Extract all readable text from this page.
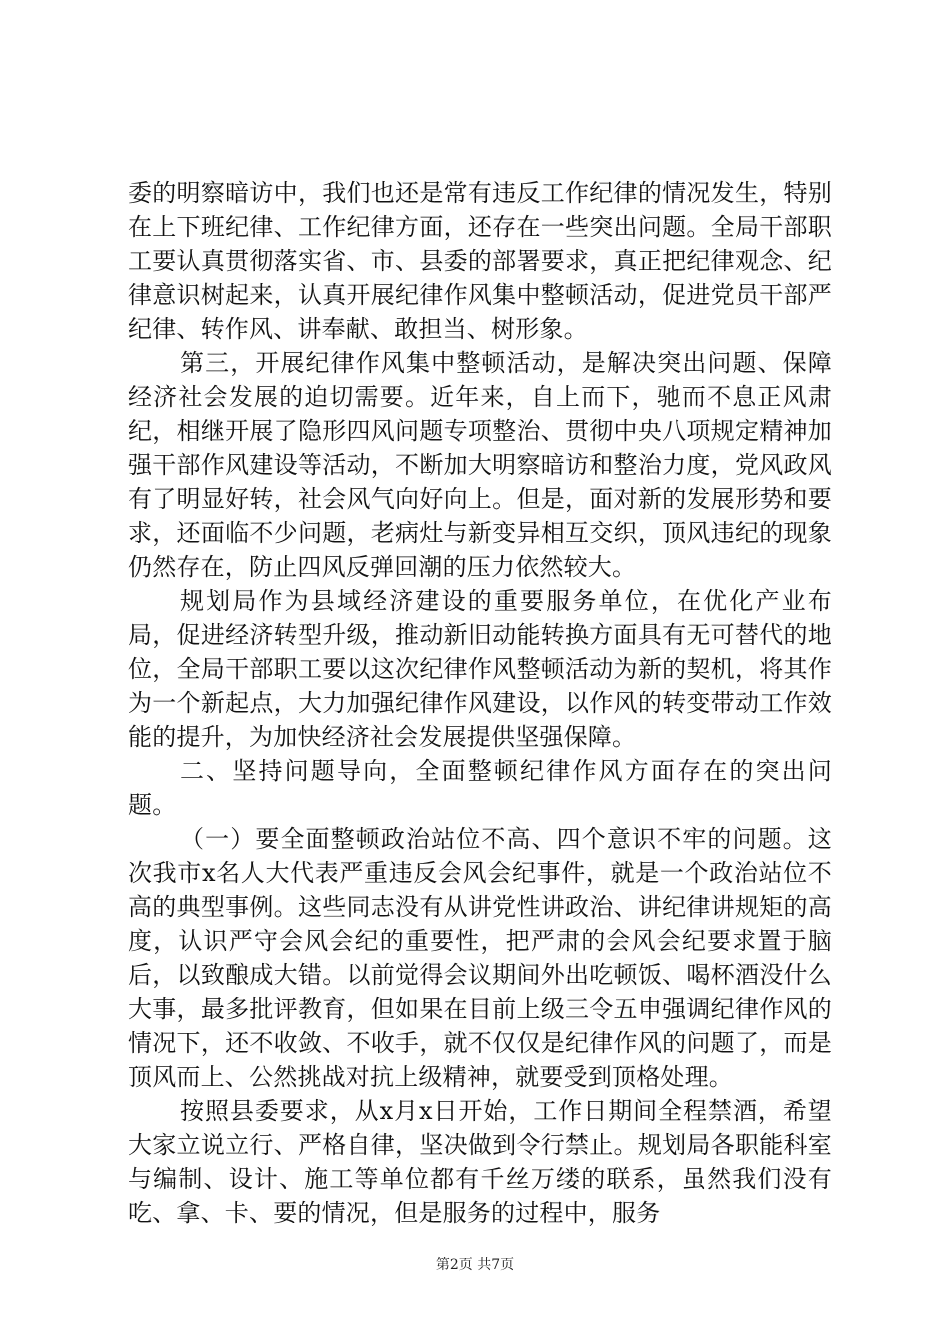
委的明察暗访中，我们也还是常有违反工作纪律的情况发生，特别在上下班纪律、工作纪律方面，还存在一些突出问题。全局干部职工要认真贯彻落实省、市、县委的部署要求，真正把纪律观念、纪律意识树起来，认真开展纪律作风集中整顿活动，促进党员干部严纪律、转作风、讲奉献、敢担当、树形象。

第三，开展纪律作风集中整顿活动，是解决突出问题、保障经济社会发展的迫切需要。近年来，自上而下，驰而不息正风肃纪，相继开展了隐形四风问题专项整治、贯彻中央八项规定精神加强干部作风建设等活动，不断加大明察暗访和整治力度，党风政风有了明显好转，社会风气向好向上。但是，面对新的发展形势和要求，还面临不少问题，老病灶与新变异相互交织，顶风违纪的现象仍然存在，防止四风反弹回潮的压力依然较大。

规划局作为县域经济建设的重要服务单位，在优化产业布局，促进经济转型升级，推动新旧动能转换方面具有无可替代的地位，全局干部职工要以这次纪律作风整顿活动为新的契机，将其作为一个新起点，大力加强纪律作风建设，以作风的转变带动工作效能的提升，为加快经济社会发展提供坚强保障。

二、坚持问题导向，全面整顿纪律作风方面存在的突出问题。

（一）要全面整顿政治站位不高、四个意识不牢的问题。这次我市x名人大代表严重违反会风会纪事件，就是一个政治站位不高的典型事例。这些同志没有从讲党性讲政治、讲纪律讲规矩的高度，认识严守会风会纪的重要性，把严肃的会风会纪要求置于脑后，以致酿成大错。以前觉得会议期间外出吃顿饭、喝杯酒没什么大事，最多批评教育，但如果在目前上级三令五申强调纪律作风的情况下，还不收敛、不收手，就不仅仅是纪律作风的问题了，而是顶风而上、公然挑战对抗上级精神，就要受到顶格处理。

按照县委要求，从x月x日开始，工作日期间全程禁酒，希望大家立说立行、严格自律，坚决做到令行禁止。规划局各职能科室与编制、设计、施工等单位都有千丝万缕的联系，虽然我们没有吃、拿、卡、要的情况，但是服务的过程中，服务

第2页 共7页
